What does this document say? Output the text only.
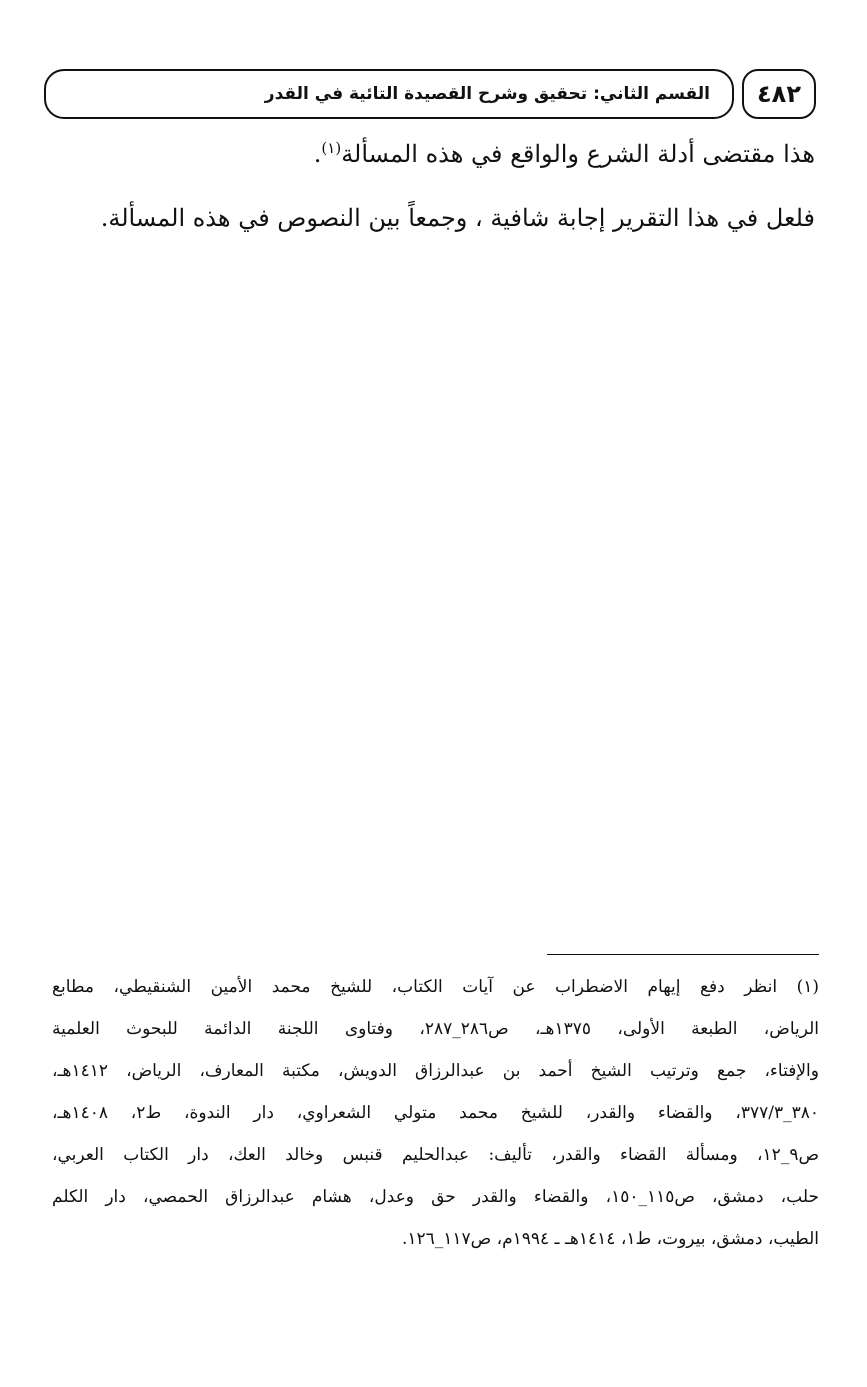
القسم الثاني: تحقيق وشرح القصيدة التائية في القدر ٤٨٢
هذا مقتضى أدلة الشرع والواقع في هذه المسألة$^{(١)}$.
فلعل في هذا التقرير إجابة شافية ، وجمعاً بين النصوص في هذه المسألة.
(١) انظر دفع إيهام الاضطراب عن آيات الكتاب، للشيخ محمد الأمين الشنقيطي، مطابع
الرياض، الطبعة الأولى، ١٣٧٥هـ، ص٢٨٦_٢٨٧، وفتاوى اللجنة الدائمة للبحوث العلمية
والإفتاء، جمع وترتيب الشيخ أحمد بن عبدالرزاق الدويش، مكتبة المعارف، الرياض، ١٤١٢هـ،
٣٨٠_٣٧٧/٣، والقضاء والقدر، للشيخ محمد متولي الشعراوي، دار الندوة، ط٢، ١٤٠٨هـ،
ص٩_١٢، ومسألة القضاء والقدر، تأليف: عبدالحليم قنبس وخالد العك، دار الكتاب العربي،
حلب، دمشق، ص١١٥_١٥٠، والقضاء والقدر حق وعدل، هشام عبدالرزاق الحمصي، دار الكلم
الطيب، دمشق، بيروت، ط١، ١٤١٤هـ ـ ١٩٩٤م، ص١١٧_١٢٦.
